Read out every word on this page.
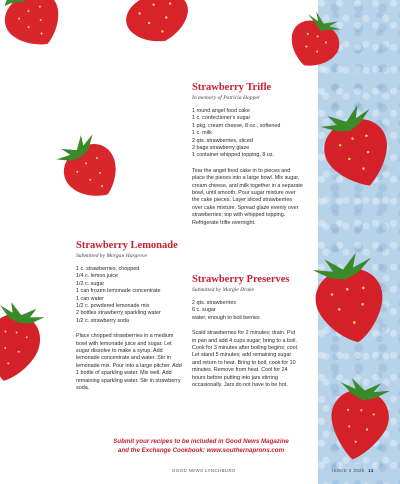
Strawberry Trifle
In memory of Patricia Hopper
1 round angel food cake
1 c. confectioner's sugar
1 pkg. cream cheese, 8 oz., softened
1 c. milk
2 qts. strawberries, sliced
2 bags strawberry glaze
1 container whipped topping, 8 oz.

Tear the angel food cake in to pieces and place the pieces into a large bowl. Mix sugar, cream cheese, and milk together in a separate bowl, until smooth. Pour sugar mixture over the cake pieces. Layer sliced strawberries over cake mixture. Spread glaze evenly over strawberries; top with whipped topping. Refrigerate trifle overnight.

Strawberry Lemonade
Submitted by Morgan Hargrove
1 c. strawberries, chopped
1/4 c. lemon juice
1/2 c. sugar
1 can frozen lemonade concentrate
1 can water
1/2 c. powdered lemonade mix
2 bottles strawberry sparkling water
1/2 c. strawberry soda

Place chopped strawberries in a medium bowl with lemonade juice and sugar. Let sugar dissolve to make a syrup. Add lemonade concentrate and water. Stir in lemonade mix. Pour into a large pitcher. Add 1 bottle of sparkling water. Mix well. Add remaining sparkling water. Stir in strawberry soda.

Strawberry Preserves
Submitted by Margie Drake
2 qts. strawberries
6 c. sugar
water, enough to boil berries

Scald strawberries for 2 minutes; drain. Put in pan and add 4 cups sugar; bring to a boil. Cook for 3 minutes after boiling begins; cool. Let stand 5 minutes; add remaining sugar and return to heat. Bring to boil; cook for 10 minutes. Remove from heat. Cool for 24 hours before putting into jars stirring occasionally. Jars do not have to be hot.

Submit your recipes to be included in Good News Magazine
and the Exchange Cookbook: www.southernaprons.com
GOOD NEWS LYNCHBURG	ISSUE 5 2025 11
